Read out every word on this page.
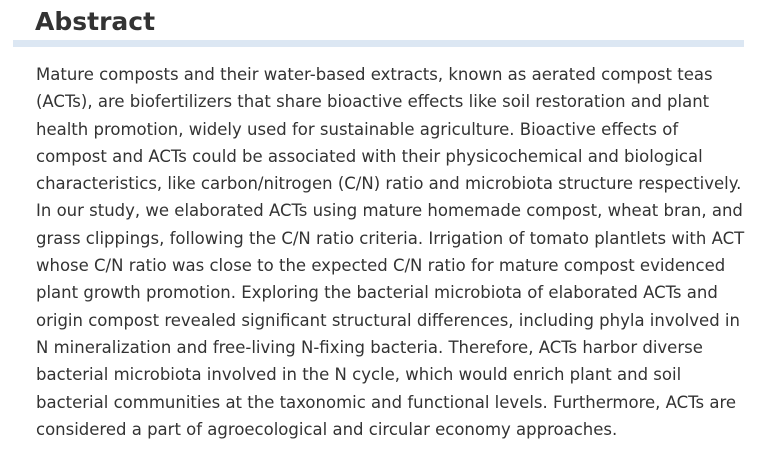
Abstract

Mature composts and their water-based extracts, known as aerated compost teas
(ACTs), are biofertilizers that share bioactive effects like soil restoration and plant
health promotion, widely used for sustainable agriculture. Bioactive effects of
compost and ACTs could be associated with their physicochemical and biological
characteristics, like carbon/nitrogen (C/N) ratio and microbiota structure respectively.
In our study, we elaborated ACTs using mature homemade compost, wheat bran, and
grass clippings, following the C/N ratio criteria. Irrigation of tomato plantlets with ACT
whose C/N ratio was close to the expected C/N ratio for mature compost evidenced
plant growth promotion. Exploring the bacterial microbiota of elaborated ACTs and
origin compost revealed significant structural differences, including phyla involved in
N mineralization and free-living N-fixing bacteria. Therefore, ACTs harbor diverse
bacterial microbiota involved in the N cycle, which would enrich plant and soil
bacterial communities at the taxonomic and functional levels. Furthermore, ACTs are
considered a part of agroecological and circular economy approaches.
